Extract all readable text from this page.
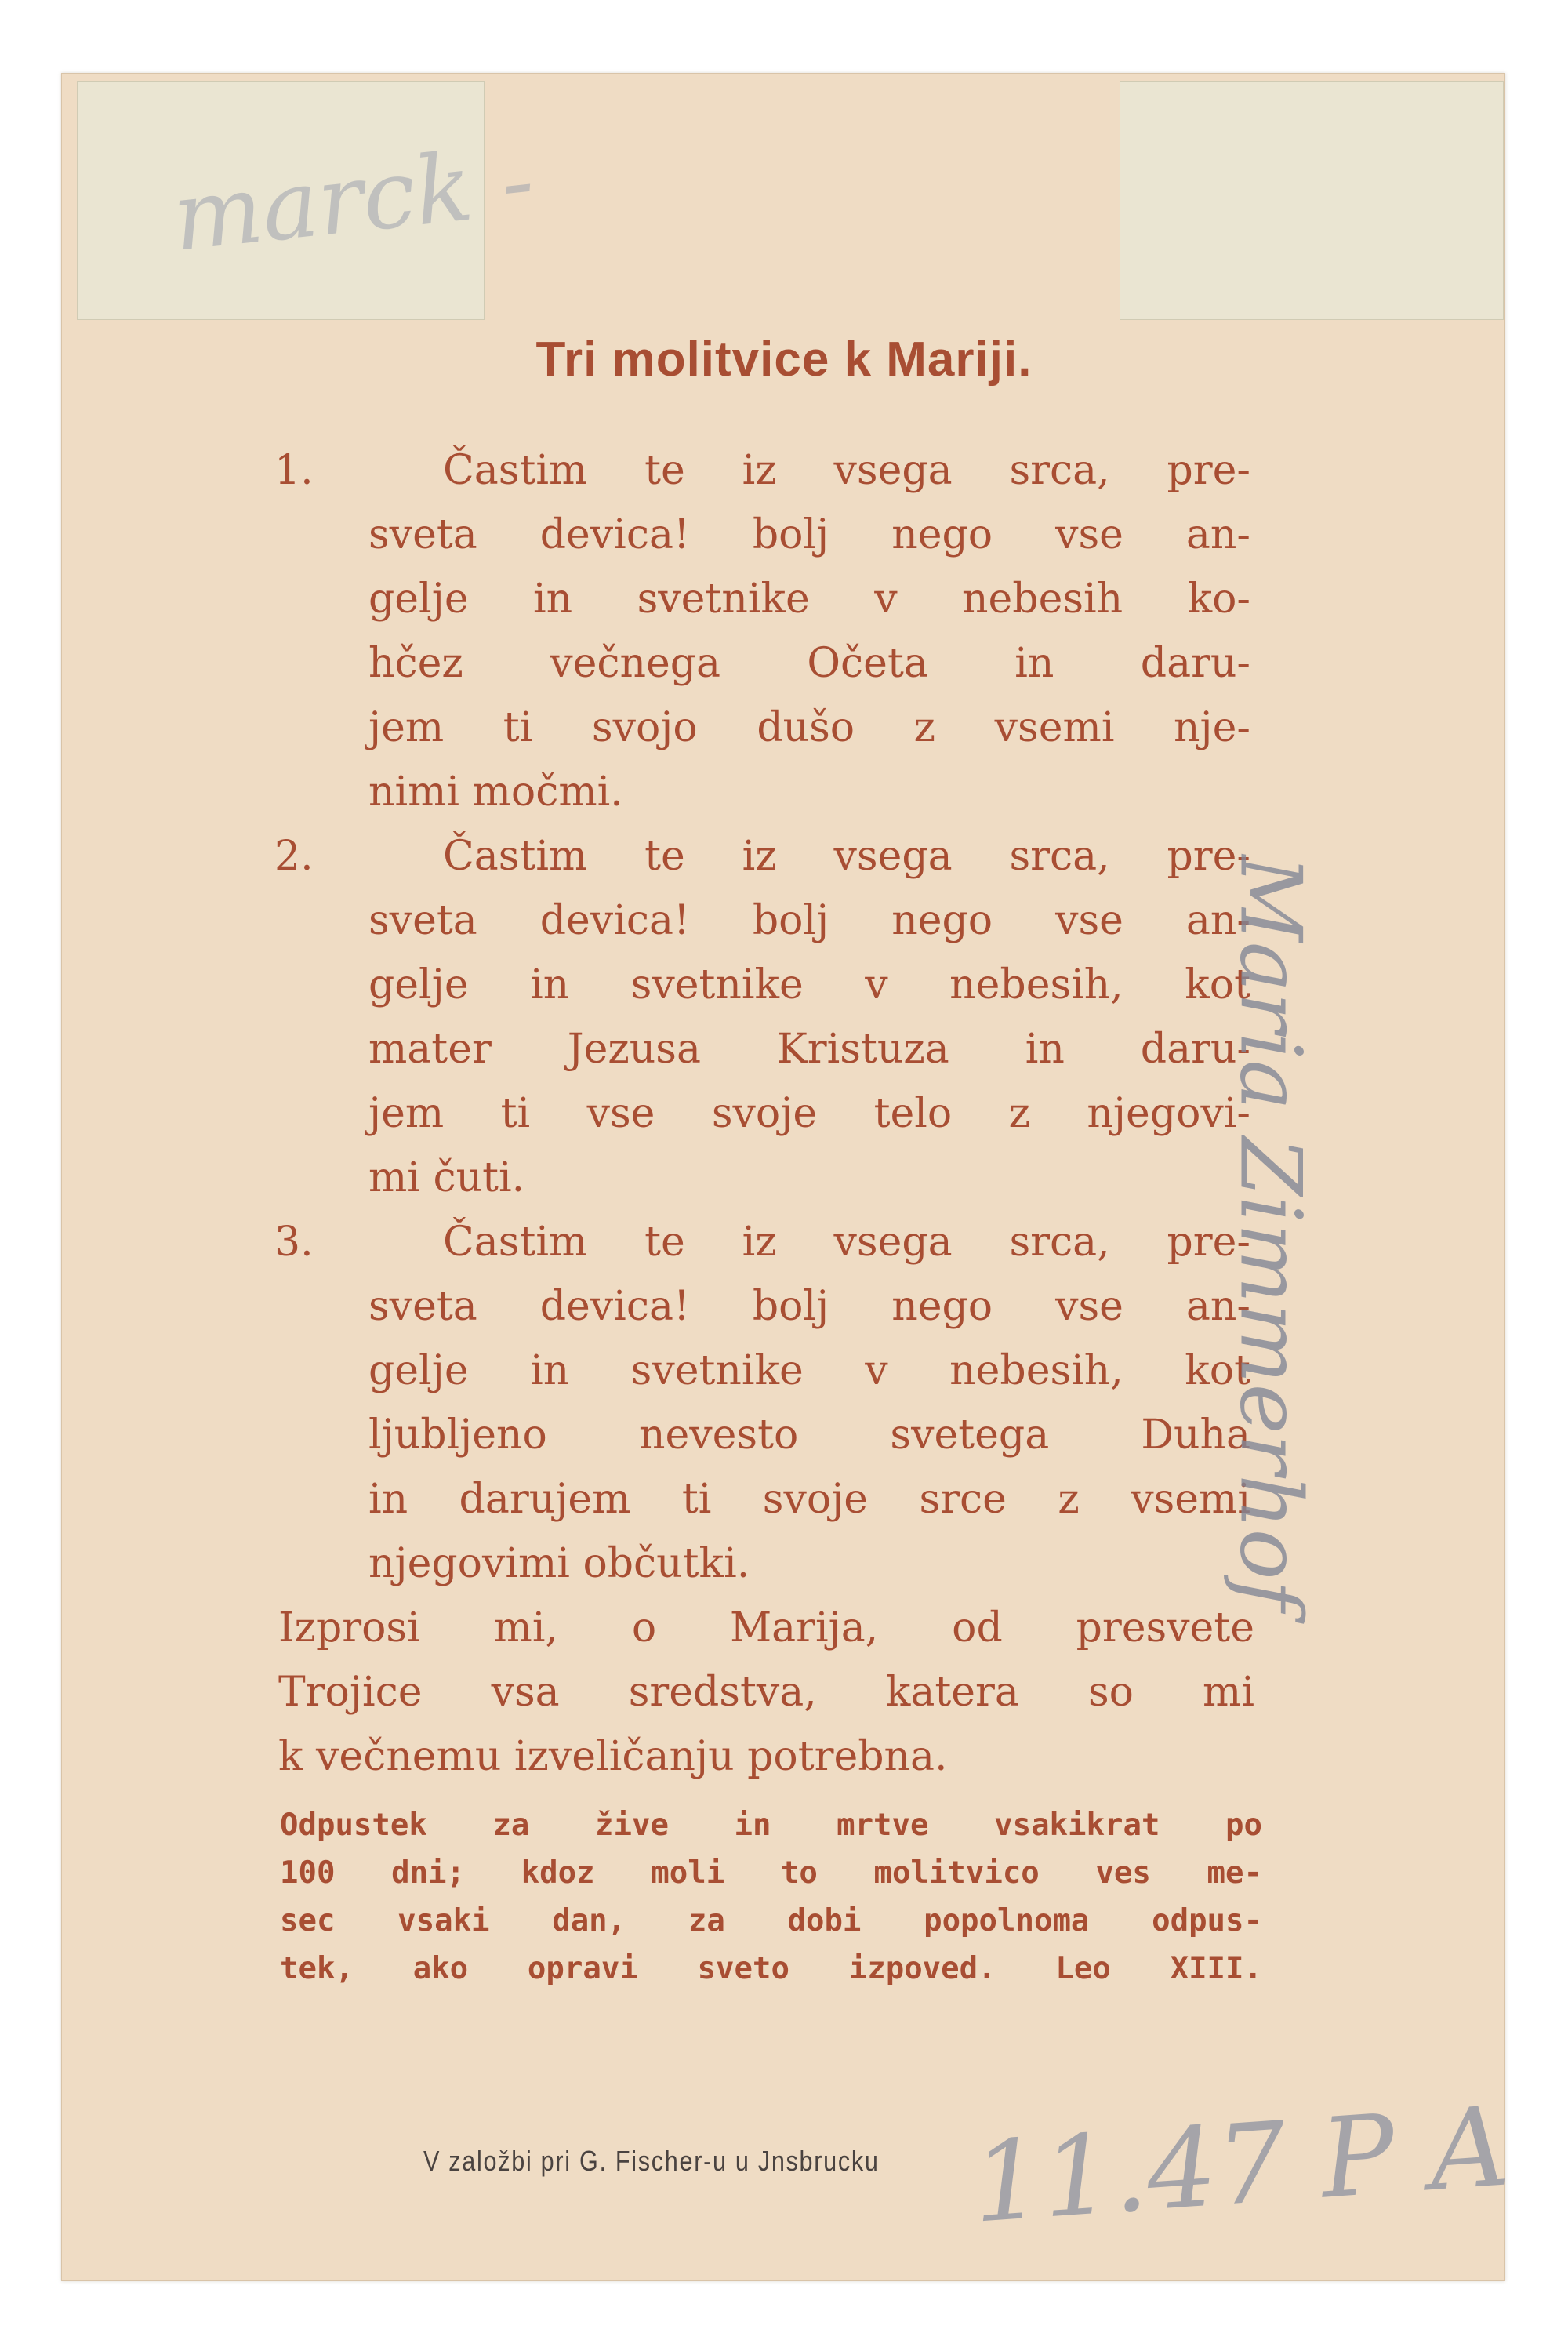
marck -
Tri molitvice k Mariji.
1.	Častim te iz vsega srca, pre-
sveta devica! bolj nego vse an-
gelje in svetnike v nebesih ko-
hčez večnega Očeta in daru-
jem ti svojo dušo z vsemi nje-
nimi močmi.
2.	Častim te iz vsega srca, pre-
sveta devica! bolj nego vse an-
gelje in svetnike v nebesih, kot
mater Jezusa Kristuza in daru-
jem ti vse svoje telo z njegovi-
mi čuti.
3.	Častim te iz vsega srca, pre-
sveta devica! bolj nego vse an-
gelje in svetnike v nebesih, kot
ljubljeno nevesto svetega Duha
in darujem ti svoje srce z vsemi
njegovimi občutki.
Izprosi mi, o Marija, od presvete
Trojice vsa sredstva, katera so mi
k večnemu izveličanju potrebna.
Odpustek za žive in mrtve vsakikrat po
100 dni; kdoz moli to molitvico ves me-
sec vsaki dan, za dobi popolnoma odpus-
tek, ako opravi sveto izpoved. Leo XIII.
V založbi pri G. Fischer-u u Jnsbrucku
Maria Zimmerhof
11.47 P A
